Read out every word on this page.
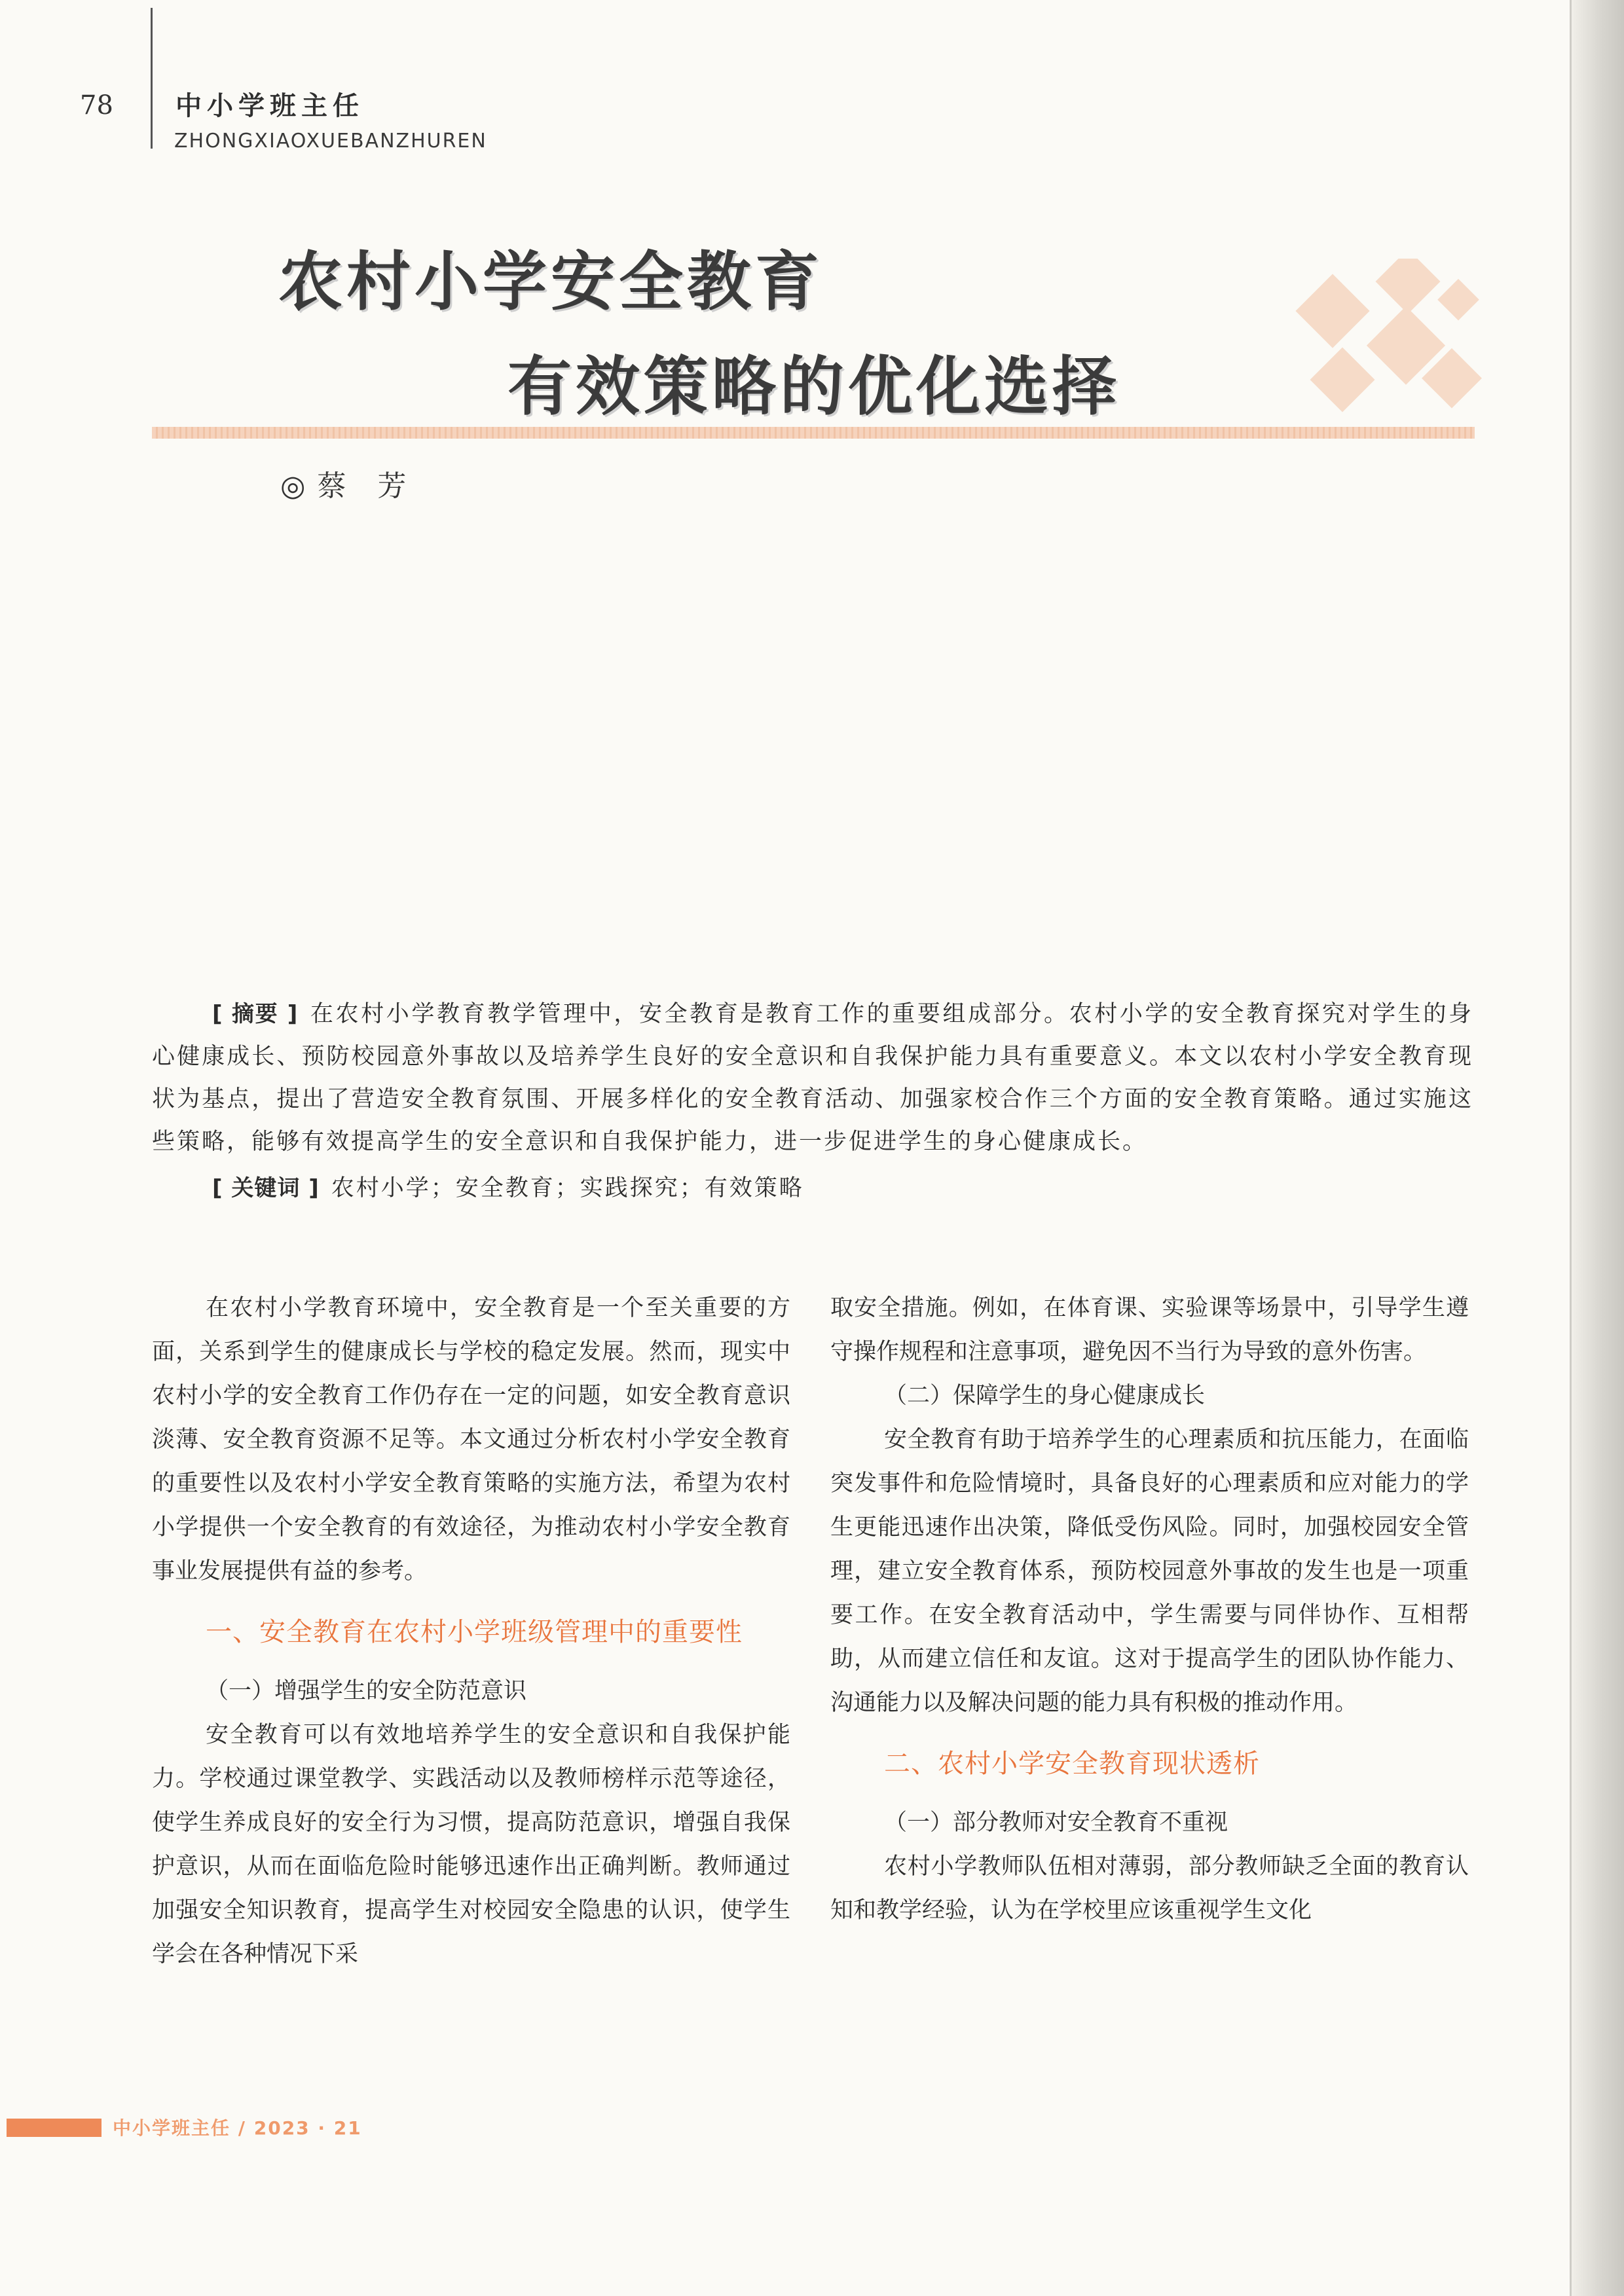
78 中小学班主任
ZHONGXIAOXUEBANZHUREN
农村小学安全教育
有效策略的优化选择
◎ 蔡　芳

[ 摘要 ] 在农村小学教育教学管理中，安全教育是教育工作的重要组成部分。农村小学的安全教育探究对学生的身心健康成长、预防校园意外事故以及培养学生良好的安全意识和自我保护能力具有重要意义。本文以农村小学安全教育现状为基点，提出了营造安全教育氛围、开展多样化的安全教育活动、加强家校合作三个方面的安全教育策略。通过实施这些策略，能够有效提高学生的安全意识和自我保护能力，进一步促进学生的身心健康成长。

[ 关键词 ] 农村小学；安全教育；实践探究；有效策略

在农村小学教育环境中，安全教育是一个至关重要的方面，关系到学生的健康成长与学校的稳定发展。然而，现实中农村小学的安全教育工作仍存在一定的问题，如安全教育意识淡薄、安全教育资源不足等。本文通过分析农村小学安全教育的重要性以及农村小学安全教育策略的实施方法，希望为农村小学提供一个安全教育的有效途径，为推动农村小学安全教育事业发展提供有益的参考。

一、安全教育在农村小学班级管理中的重要性

（一）增强学生的安全防范意识

安全教育可以有效地培养学生的安全意识和自我保护能力。学校通过课堂教学、实践活动以及教师榜样示范等途径，使学生养成良好的安全行为习惯，提高防范意识，增强自我保护意识，从而在面临危险时能够迅速作出正确判断。教师通过加强安全知识教育，提高学生对校园安全隐患的认识，使学生学会在各种情况下采

取安全措施。例如，在体育课、实验课等场景中，引导学生遵守操作规程和注意事项，避免因不当行为导致的意外伤害。

（二）保障学生的身心健康成长

安全教育有助于培养学生的心理素质和抗压能力，在面临突发事件和危险情境时，具备良好的心理素质和应对能力的学生更能迅速作出决策，降低受伤风险。同时，加强校园安全管理，建立安全教育体系，预防校园意外事故的发生也是一项重要工作。在安全教育活动中，学生需要与同伴协作、互相帮助，从而建立信任和友谊。这对于提高学生的团队协作能力、沟通能力以及解决问题的能力具有积极的推动作用。

二、农村小学安全教育现状透析

（一）部分教师对安全教育不重视

农村小学教师队伍相对薄弱，部分教师缺乏全面的教育认知和教学经验，认为在学校里应该重视学生文化

中小学班主任 / 2023 · 21
